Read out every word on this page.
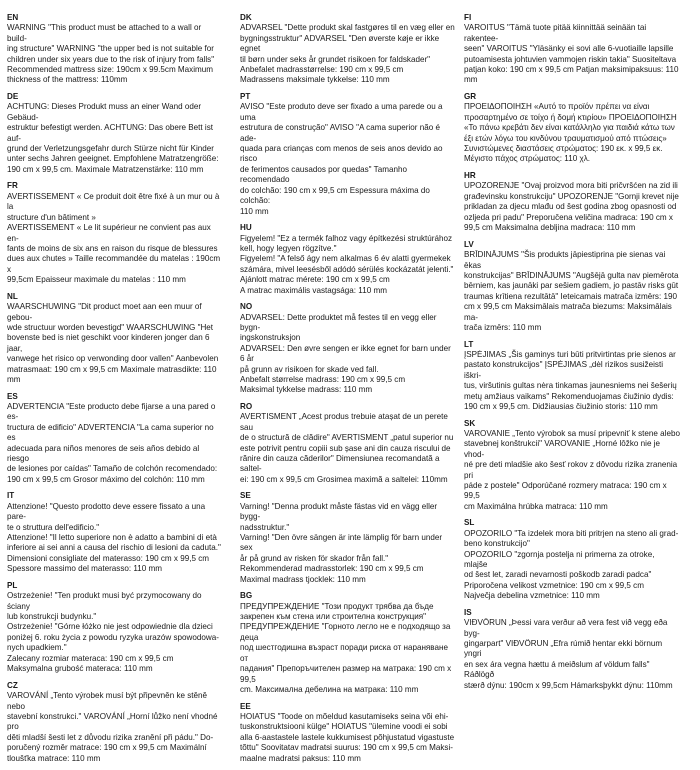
EN
WARNING "This product must be attached to a wall or build-
ing structure" WARNING "the upper bed is not suitable for
children under six years due to the risk of injury from falls"
Recommended mattress size: 190cm x 99.5cm Maximum
thickness of the mattress: 110mm
DE
ACHTUNG: Dieses Produkt muss an einer Wand oder Gebäud-
estruktur befestigt werden. ACHTUNG: Das obere Bett ist auf-
grund der Verletzungsgefahr durch Stürze nicht für Kinder
unter sechs Jahren geeignet. Empfohlene Matratzengröße:
190 cm x 99,5 cm. Maximale Matratzenstärke: 110 mm
FR
AVERTISSEMENT « Ce produit doit être fixé à un mur ou à la
structure d'un bâtiment »
AVERTISSEMENT « Le lit supérieur ne convient pas aux en-
fants de moins de six ans en raison du risque de blessures
dues aux chutes » Taille recommandée du matelas : 190cm x
99,5cm Epaisseur maximale du matelas : 110 mm
NL
WAARSCHUWING "Dit product moet aan een muur of gebou-
wde structuur worden bevestigd" WAARSCHUWING "Het
bovenste bed is niet geschikt voor kinderen jonger dan 6 jaar,
vanwege het risico op verwonding door vallen" Aanbevolen
matrasmaat: 190 cm x 99,5 cm Maximale matrasdikte: 110 mm
ES
ADVERTENCIA "Este producto debe fijarse a una pared o es-
tructura de edificio" ADVERTENCIA "La cama superior no es
adecuada para niños menores de seis años debido al riesgo
de lesiones por caídas" Tamaño de colchón recomendado:
190 cm x 99,5 cm Grosor máximo del colchón: 110 mm
IT
Attenzione! "Questo prodotto deve essere fissato a una pare-
te o struttura dell'edificio."
Attenzione! "Il letto superiore non è adatto a bambini di età
inferiore ai sei anni a causa del rischio di lesioni da caduta."
Dimensioni consigliate del materasso: 190 cm x 99,5 cm
Spessore massimo del materasso: 110 mm
PL
Ostrzeżenie! "Ten produkt musi być przymocowany do ściany
lub konstrukcji budynku."
Ostrzeżenie! "Górne łóżko nie jest odpowiednie dla dzieci
poniżej 6. roku życia z powodu ryzyka urazów spowodowa-
nych upadkiem."
Zalecany rozmiar materaca: 190 cm x 99,5 cm
Maksymalna grubość materaca: 110 mm
CZ
VAROVÁNÍ „Tento výrobek musí být připevněn ke stěně nebo
stavební konstrukci." VAROVÁNÍ „Horní lůžko není vhodné pro
děti mladší šesti let z důvodu rizika zranění při pádu." Do-
poručený rozměr matrace: 190 cm x 99,5 cm Maximální
tloušťka matrace: 110 mm
DK
ADVARSEL "Dette produkt skal fastgøres til en væg eller en
bygningsstruktur" ADVARSEL "Den øverste køje er ikke egnet
til børn under seks år grundet risikoen for faldskader"
Anbefalet madrasstørrelse: 190 cm x 99,5 cm
Madrassens maksimale tykkelse: 110 mm
PT
AVISO "Este produto deve ser fixado a uma parede ou a uma
estrutura de construção" AVISO "A cama superior não é ade-
quada para crianças com menos de seis anos devido ao risco
de ferimentos causados por quedas" Tamanho recomendado
do colchão: 190 cm x 99,5 cm Espessura máxima do colchão:
110 mm
HU
Figyelem! "Ez a termék falhoz vagy építkezési struktúrához
kell, hogy legyen rögzítve."
Figyelem! "A felső ágy nem alkalmas 6 év alatti gyermekek
számára, mivel leesésből adódó sérülés kockázatát jelenti."
Ajánlott matrac mérete: 190 cm x 99,5 cm
A matrac maximális vastagsága: 110 mm
NO
ADVARSEL: Dette produktet må festes til en vegg eller bygn-
ingskonstruksjon
ADVARSEL: Den øvre sengen er ikke egnet for barn under 6 år
på grunn av risikoen for skade ved fall.
Anbefalt størrelse madrass: 190 cm x 99,5 cm
Maksimal tykkelse madrass: 110 mm
RO
AVERTISMENT „Acest produs trebuie atașat de un perete sau
de o structură de clădire" AVERTISMENT „patul superior nu
este potrivit pentru copiii sub șase ani din cauza riscului de
rănire din cauza căderilor" Dimensiunea recomandată a saltel-
ei: 190 cm x 99,5 cm Grosimea maximă a saltelei: 110mm
SE
Varning! "Denna produkt måste fästas vid en vägg eller bygg-
nadsstruktur."
Varning! "Den övre sängen är inte lämplig för barn under sex
år på grund av risken för skador från fall."
Rekommenderad madrasstorlek: 190 cm x 99,5 cm
Maximal madrass tjocklek: 110 mm
BG
ПРЕДУПРЕЖДЕНИЕ "Този продукт трябва да бъде
закрепен към стена или строителна конструкция"
ПРЕДУПРЕЖДЕНИЕ "Горното легло не е подходящо за деца
под шестгодишна възраст поради риска от нараняване от
падания" Препоръчителен размер на матрака: 190 cm x 99,5
cm. Максимална дебелина на матрака: 110 mm
EE
HOIATUS "Toode on mõeldud kasutamiseks seina või ehi-
tuskonstruktsiooni külge" HOIATUS "ülemine voodi ei sobi
alla 6-aastastele lastele kukkumisest põhjustatud vigastuste
tõttu" Soovitatav madratsi suurus: 190 cm x 99,5 cm Maksi-
maalne madratsi paksus: 110 mm
FI
VAROITUS "Tämä tuote pitää kiinnittää seinään tai rakentee-
seen" VAROITUS "Yläsänky ei sovi alle 6-vuotiaille lapsille
putoamisesta johtuvien vammojen riskin takia" Suositeltava
patjan koko: 190 cm x 99,5 cm Patjan maksimipaksuus: 110
mm
GR
ΠΡΟΕΙΔΟΠΟΙΗΣΗ «Αυτό το προϊόν πρέπει να είναι
προσαρτημένο σε τοίχο ή δομή κτιρίου» ΠΡΟΕΙΔΟΠΟΙΗΣΗ
«Το πάνω κρεβάτι δεν είναι κατάλληλο για παιδιά κάτω των
έξι ετών λόγω του κινδύνου τραυματισμού από πτώσεις»
Συνιστώμενες διαστάσεις στρώματος: 190 εκ. x 99,5 εκ.
Μέγιστο πάχος στρώματος: 110 χλ.
HR
UPOZORENJE "Ovaj proizvod mora biti pričvršćen na zid ili
građevinsku konstrukciju" UPOZORENJE "Gornji krevet nije
prikladan za djecu mlađu od šest godina zbog opasnosti od
ozljeda pri padu" Preporučena veličina madraca: 190 cm x
99,5 cm Maksimalna debljina madraca: 110 mm
LV
BRĪDINĀJUMS "Šis produkts jāpiestiprina pie sienas vai ēkas
konstrukcijas" BRĪDINĀJUMS "Augšējā gulta nav piemērota
bērniem, kas jaunāki par sešiem gadiem, jo pastāv risks gūt
traumas krītiena rezultātā" Ieteicamais matrača izmērs: 190
cm x 99,5 cm Maksimālais matrača biezums: Maksimālais ma-
trača izmērs: 110 mm
LT
ĮSPĖJIMAS „Šis gaminys turi būti pritvirtintas prie sienos ar
pastato konstrukcijos" ĮSPĖJIMAS „dėl rizikos susižeisti iškri-
tus, viršutinis gultas nėra tinkamas jaunesniems nei šešerių
metų amžiaus vaikams" Rekomenduojamas čiužinio dydis:
190 cm x 99,5 cm. Didžiausias čiužinio storis: 110 mm
SK
VAROVANIE „Tento výrobok sa musí pripevniť k stene alebo
stavebnej konštrukcii" VAROVANIE „Horné lôžko nie je vhod-
né pre deti mladšie ako šesť rokov z dôvodu rizika zranenia pri
páde z postele" Odporúčané rozmery matraca: 190 cm x 99,5
cm Maximálna hrúbka matraca: 110 mm
SL
OPOZORILO "Ta izdelek mora biti pritrjen na steno ali grad-
beno konstrukcijo"
OPOZORILO "zgornja postelja ni primerna za otroke, mlajše
od šest let, zaradi nevarnosti poškodb zaradi padca"
Priporočena velikost vzmetnice: 190 cm x 99,5 cm
Največja debelina vzmetnice: 110 mm
IS
VIÐVÖRUN „Þessi vara verður að vera fest við vegg eða byg-
gingarpart" VIÐVÖRUN „Efra rúmið hentar ekki börnum yngri
en sex ára vegna hættu á meiðslum af völdum falls" Ráðlögð
stærð dýnu: 190cm x 99,5cm Hámarksþykkt dýnu: 110mm
